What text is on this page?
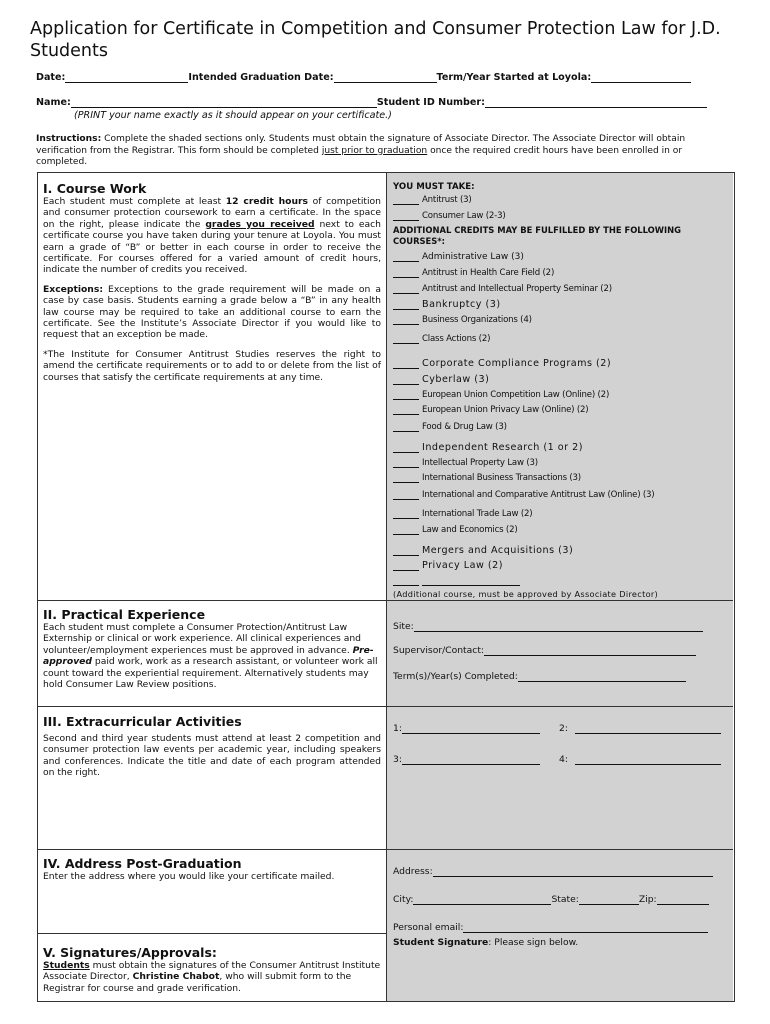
Application for Certificate in Competition and Consumer Protection Law for J.D. Students
Date:	Intended Graduation Date:	Term/Year Started at Loyola:
Name:	Student ID Number:
(PRINT your name exactly as it should appear on your certificate.)
Instructions: Complete the shaded sections only. Students must obtain the signature of Associate Director. The Associate Director will obtain verification from the Registrar. This form should be completed just prior to graduation once the required credit hours have been enrolled in or completed.
YOU MUST TAKE:
Antitrust (3)
Consumer Law (2-3)
ADDITIONAL CREDITS MAY BE FULFILLED BY THE FOLLOWING COURSES*:
Administrative Law (3)
Antitrust in Health Care Field (2)
Antitrust and Intellectual Property Seminar (2)
Bankruptcy (3)
Business Organizations (4)
Class Actions (2)
Corporate Compliance Programs (2)
Cyberlaw (3)
European Union Competition Law (Online) (2)
European Union Privacy Law (Online) (2)
Food & Drug Law (3)
Independent Research (1 or 2)
Intellectual Property Law (3)
International Business Transactions (3)
International and Comparative Antitrust Law (Online) (3)
International Trade Law (2)
Law and Economics (2)
Mergers and Acquisitions (3)
Privacy Law (2)
(Additional course, must be approved by Associate Director)
Site:
Supervisor/Contact:
Term(s)/Year(s) Completed:
1:	2:
3:	4:
Address:
City:	State:	Zip:
Personal email:
Student Signature : Please sign below.
I. Course Work

Each student must complete at least 12 credit hours of competition and consumer protection coursework to earn a certificate. In the space on the right, please indicate the grades you received next to each certificate course you have taken during your tenure at Loyola. You must earn a grade of “B” or better in each course in order to receive the certificate. For courses offered for a varied amount of credit hours, indicate the number of credits you received.

Exceptions: Exceptions to the grade requirement will be made on a case by case basis. Students earning a grade below a “B” in any health law course may be required to take an additional course to earn the certificate. See the Institute’s Associate Director if you would like to request that an exception be made.

*The Institute for Consumer Antitrust Studies reserves the right to amend the certificate requirements or to add to or delete from the list of courses that satisfy the certificate requirements at any time.

II. Practical Experience
Each student must complete a Consumer Protection/Antitrust Law Externship or clinical or work experience. All clinical experiences and volunteer/employment experiences must be approved in advance. Pre-approved paid work, work as a research assistant, or volunteer work all count toward the experiential requirement. Alternatively students may hold Consumer Law Review positions.
III. Extracurricular Activities
Second and third year students must attend at least 2 competition and consumer protection law events per academic year, including speakers and conferences. Indicate the title and date of each program attended on the right.
IV. Address Post-Graduation
Enter the address where you would like your certificate mailed.
V. Signatures/Approvals:
Students must obtain the signatures of the Consumer Antitrust Institute Associate Director, Christine Chabot, who will submit form to the Registrar for course and grade verification.
